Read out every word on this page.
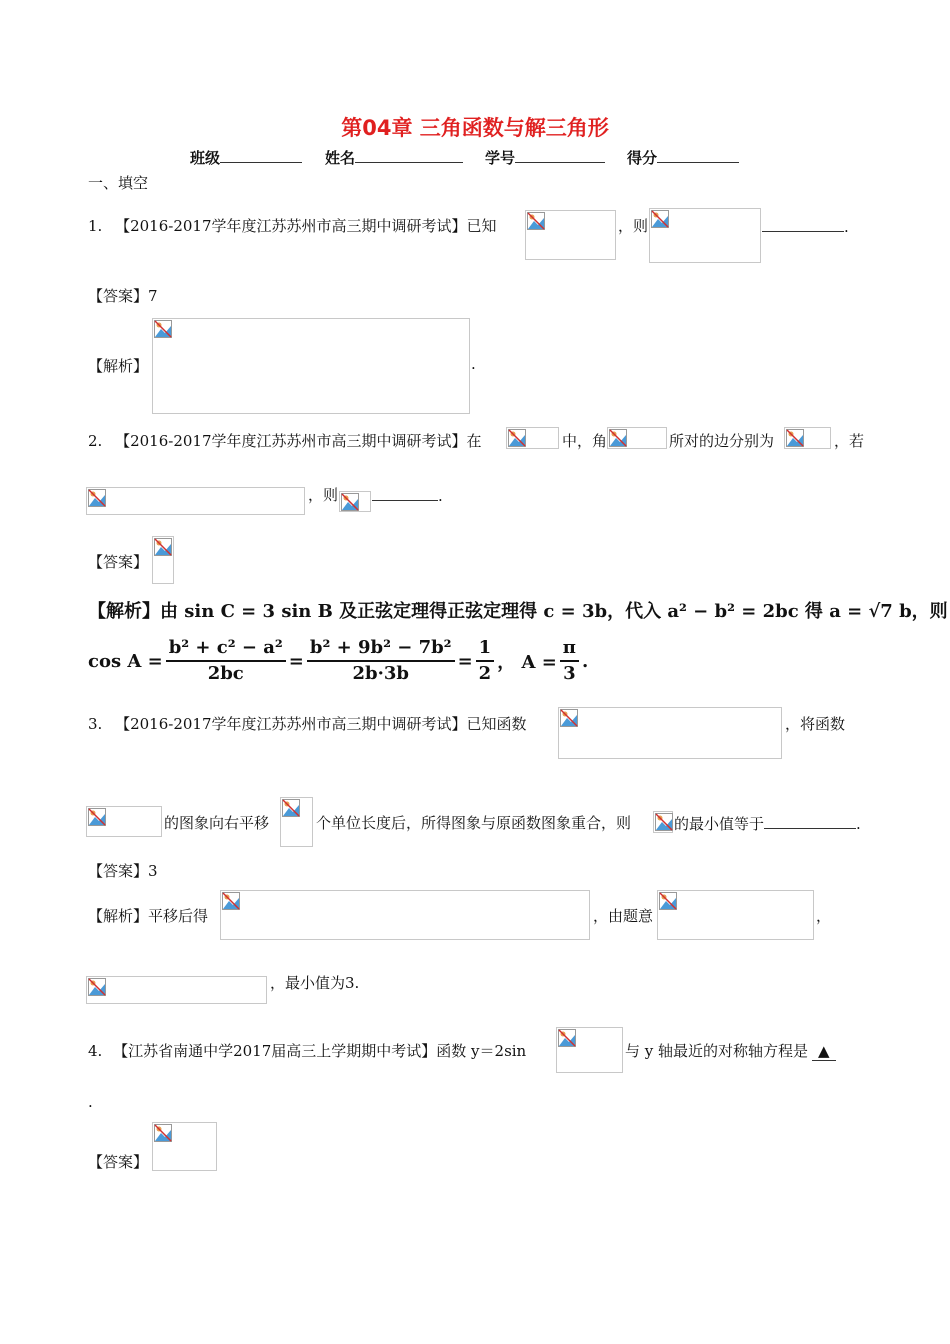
第04章 三角函数与解三角形
班级	姓名	学号	得分
一、填空
1. 【2016-2017学年度江苏苏州市高三期中调研考试】已知	，则	.
【答案】7
【解析】	.
2. 【2016-2017学年度江苏苏州市高三期中调研考试】在	中，角	所对的边分别为	，若
，则	.
【答案】
【解析】由 sin C = 3 sin B 及正弦定理得正弦定理得 c = 3b，代入 a² − b² = 2bc 得 a = √7 b，则
$\cos A = \frac{\text{b² + c² − a²}}{2bc} = \frac{\text{b² + 9b² − 7b²}}{2b\cdot 3b} = \frac{1}{2}$ ， $A = \frac{\pi}{3}$ .
3. 【2016-2017学年度江苏苏州市高三期中调研考试】已知函数	，将函数
的图象向右平移	个单位长度后，所得图象与原函数图象重合，则	的最小值等于	.
【答案】3
【解析】平移后得	，由题意	，
，最小值为3.
4. 【江苏省南通中学2017届高三上学期期中考试】函数 y＝2sin	与 y 轴最近的对称轴方程是 ▲
.
【答案】
